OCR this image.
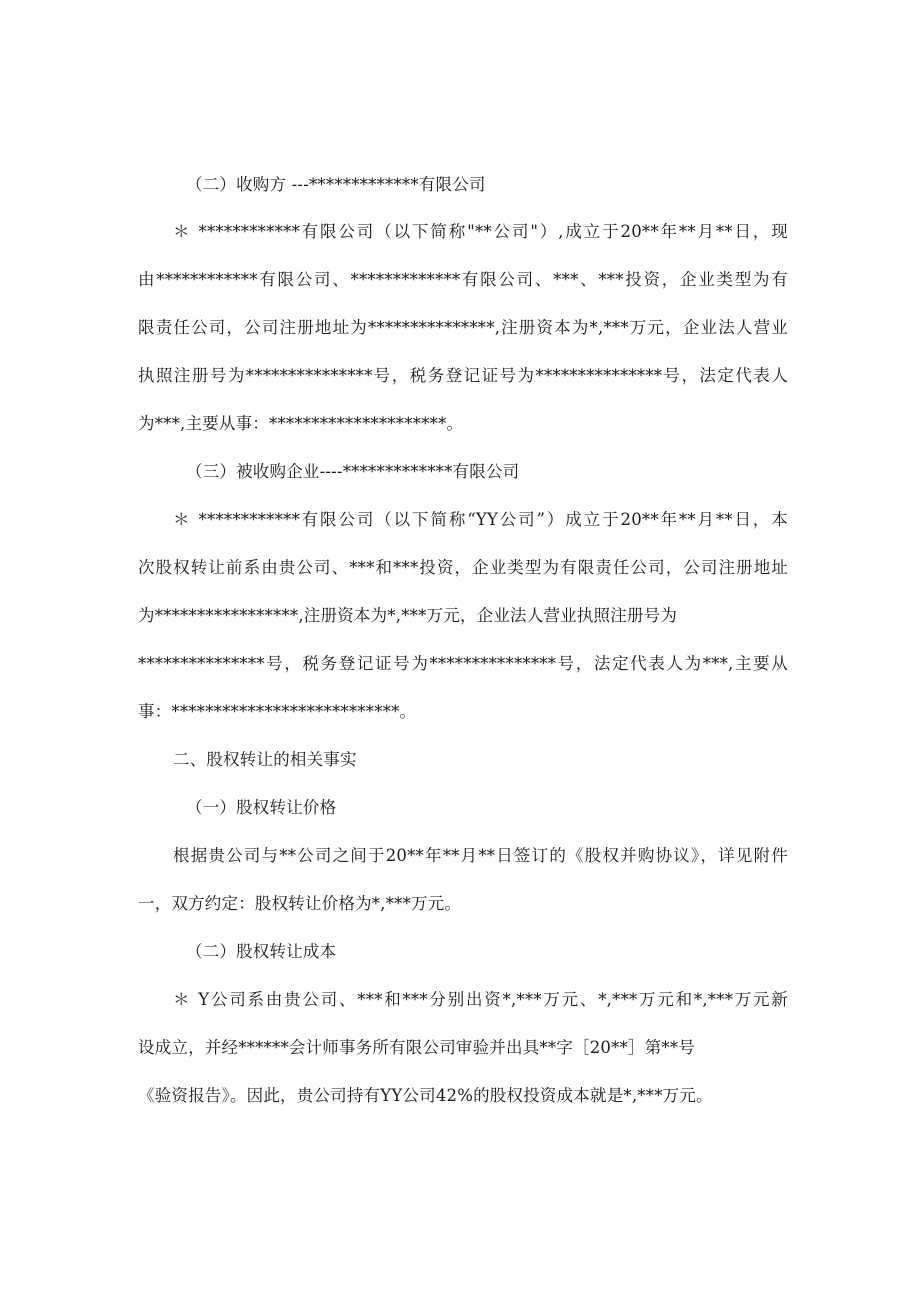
（二）收购方 ---*************有限公司
＊ ************有限公司（以下简称"**公司"）,成立于20**年**月**日，现
由************有限公司、*************有限公司、***、***投资，企业类型为有
限责任公司，公司注册地址为***************,注册资本为*,***万元，企业法人营业
执照注册号为***************号，税务登记证号为***************号，法定代表人
为***,主要从事：*********************。
（三）被收购企业----*************有限公司
＊ ************有限公司（以下简称“YY公司”）成立于20**年**月**日，本
次股权转让前系由贵公司、***和***投资，企业类型为有限责任公司，公司注册地址
为*****************,注册资本为*,***万元，企业法人营业执照注册号为
***************号，税务登记证号为***************号，法定代表人为***,主要从
事：***************************。
二、股权转让的相关事实
（一）股权转让价格
根据贵公司与**公司之间于20**年**月**日签订的《股权并购协议》，详见附件
一，双方约定：股权转让价格为*,***万元。
（二）股权转让成本
＊ Y公司系由贵公司、***和***分别出资*,***万元、*,***万元和*,***万元新
设成立，并经******会计师事务所有限公司审验并出具**字［20**］第**号
《验资报告》。因此，贵公司持有YY公司42%的股权投资成本就是*,***万元。
